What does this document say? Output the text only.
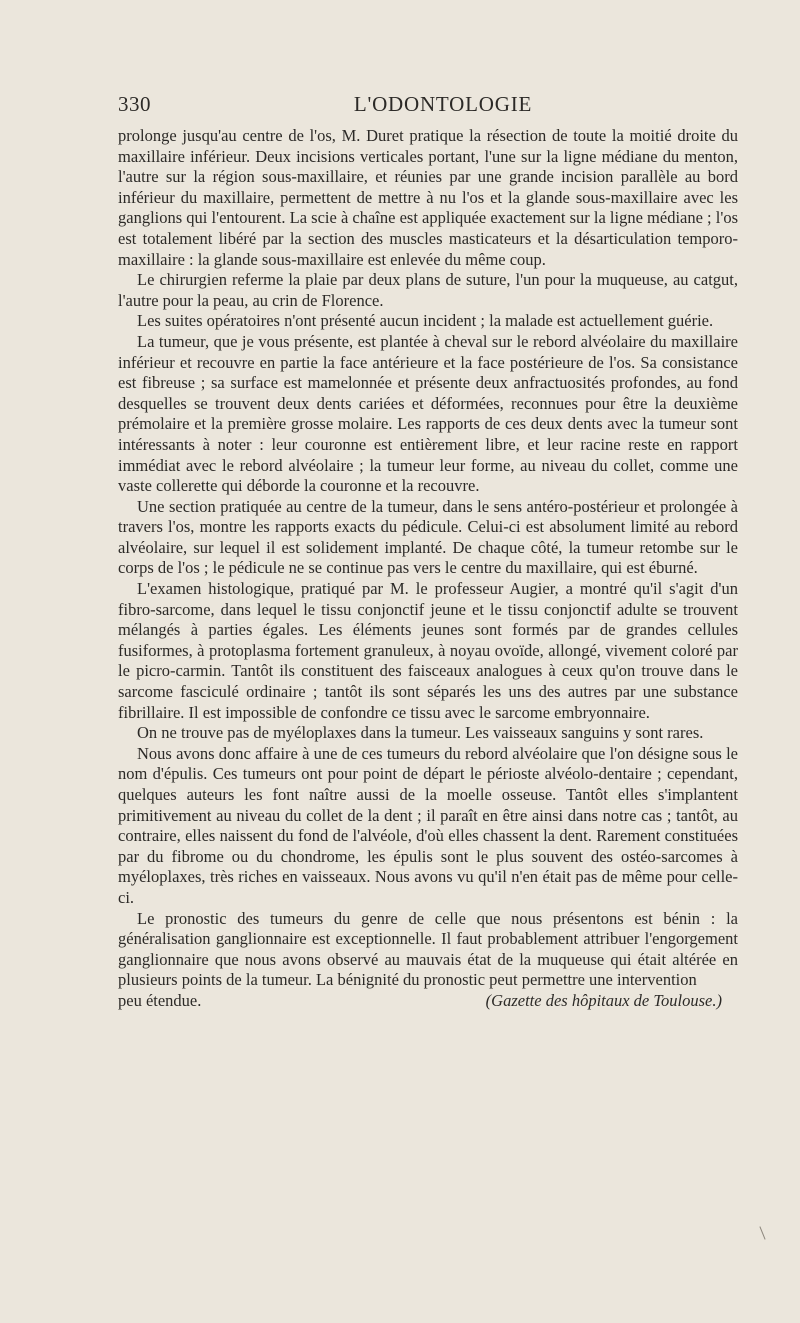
330	L'ODONTOLOGIE

prolonge jusqu'au centre de l'os, M. Duret pratique la résection de toute la moitié droite du maxillaire inférieur. Deux incisions verticales portant, l'une sur la ligne médiane du menton, l'autre sur la région sous-maxillaire, et réunies par une grande incision parallèle au bord inférieur du maxillaire, permettent de mettre à nu l'os et la glande sous-maxillaire avec les ganglions qui l'entourent. La scie à chaîne est appliquée exactement sur la ligne médiane ; l'os est totalement libéré par la section des muscles masticateurs et la désarticulation temporo-maxillaire : la glande sous-maxillaire est enlevée du même coup.

Le chirurgien referme la plaie par deux plans de suture, l'un pour la muqueuse, au catgut, l'autre pour la peau, au crin de Florence.

Les suites opératoires n'ont présenté aucun incident ; la malade est actuellement guérie.

La tumeur, que je vous présente, est plantée à cheval sur le rebord alvéolaire du maxillaire inférieur et recouvre en partie la face antérieure et la face postérieure de l'os. Sa consistance est fibreuse ; sa surface est mamelonnée et présente deux anfractuosités profondes, au fond desquelles se trouvent deux dents cariées et déformées, reconnues pour être la deuxième prémolaire et la première grosse molaire. Les rapports de ces deux dents avec la tumeur sont intéressants à noter : leur couronne est entièrement libre, et leur racine reste en rapport immédiat avec le rebord alvéolaire ; la tumeur leur forme, au niveau du collet, comme une vaste collerette qui déborde la couronne et la recouvre.

Une section pratiquée au centre de la tumeur, dans le sens antéro-postérieur et prolongée à travers l'os, montre les rapports exacts du pédicule. Celui-ci est absolument limité au rebord alvéolaire, sur lequel il est solidement implanté. De chaque côté, la tumeur retombe sur le corps de l'os ; le pédicule ne se continue pas vers le centre du maxillaire, qui est éburné.

L'examen histologique, pratiqué par M. le professeur Augier, a montré qu'il s'agit d'un fibro-sarcome, dans lequel le tissu conjonctif jeune et le tissu conjonctif adulte se trouvent mélangés à parties égales. Les éléments jeunes sont formés par de grandes cellules fusiformes, à protoplasma fortement granuleux, à noyau ovoïde, allongé, vivement coloré par le picro-carmin. Tantôt ils constituent des faisceaux analogues à ceux qu'on trouve dans le sarcome fasciculé ordinaire ; tantôt ils sont séparés les uns des autres par une substance fibrillaire. Il est impossible de confondre ce tissu avec le sarcome embryonnaire.

On ne trouve pas de myéloplaxes dans la tumeur. Les vaisseaux sanguins y sont rares.

Nous avons donc affaire à une de ces tumeurs du rebord alvéolaire que l'on désigne sous le nom d'épulis. Ces tumeurs ont pour point de départ le périoste alvéolo-dentaire ; cependant, quelques auteurs les font naître aussi de la moelle osseuse. Tantôt elles s'implantent primitivement au niveau du collet de la dent ; il paraît en être ainsi dans notre cas ; tantôt, au contraire, elles naissent du fond de l'alvéole, d'où elles chassent la dent. Rarement constituées par du fibrome ou du chondrome, les épulis sont le plus souvent des ostéo-sarcomes à myéloplaxes, très riches en vaisseaux. Nous avons vu qu'il n'en était pas de même pour celle-ci.

Le pronostic des tumeurs du genre de celle que nous présentons est bénin : la généralisation ganglionnaire est exceptionnelle. Il faut probablement attribuer l'engorgement ganglionnaire que nous avons observé au mauvais état de la muqueuse qui était altérée en plusieurs points de la tumeur. La bénignité du pronostic peut permettre une intervention

peu étendue.	(Gazette des hôpitaux de Toulouse.)
